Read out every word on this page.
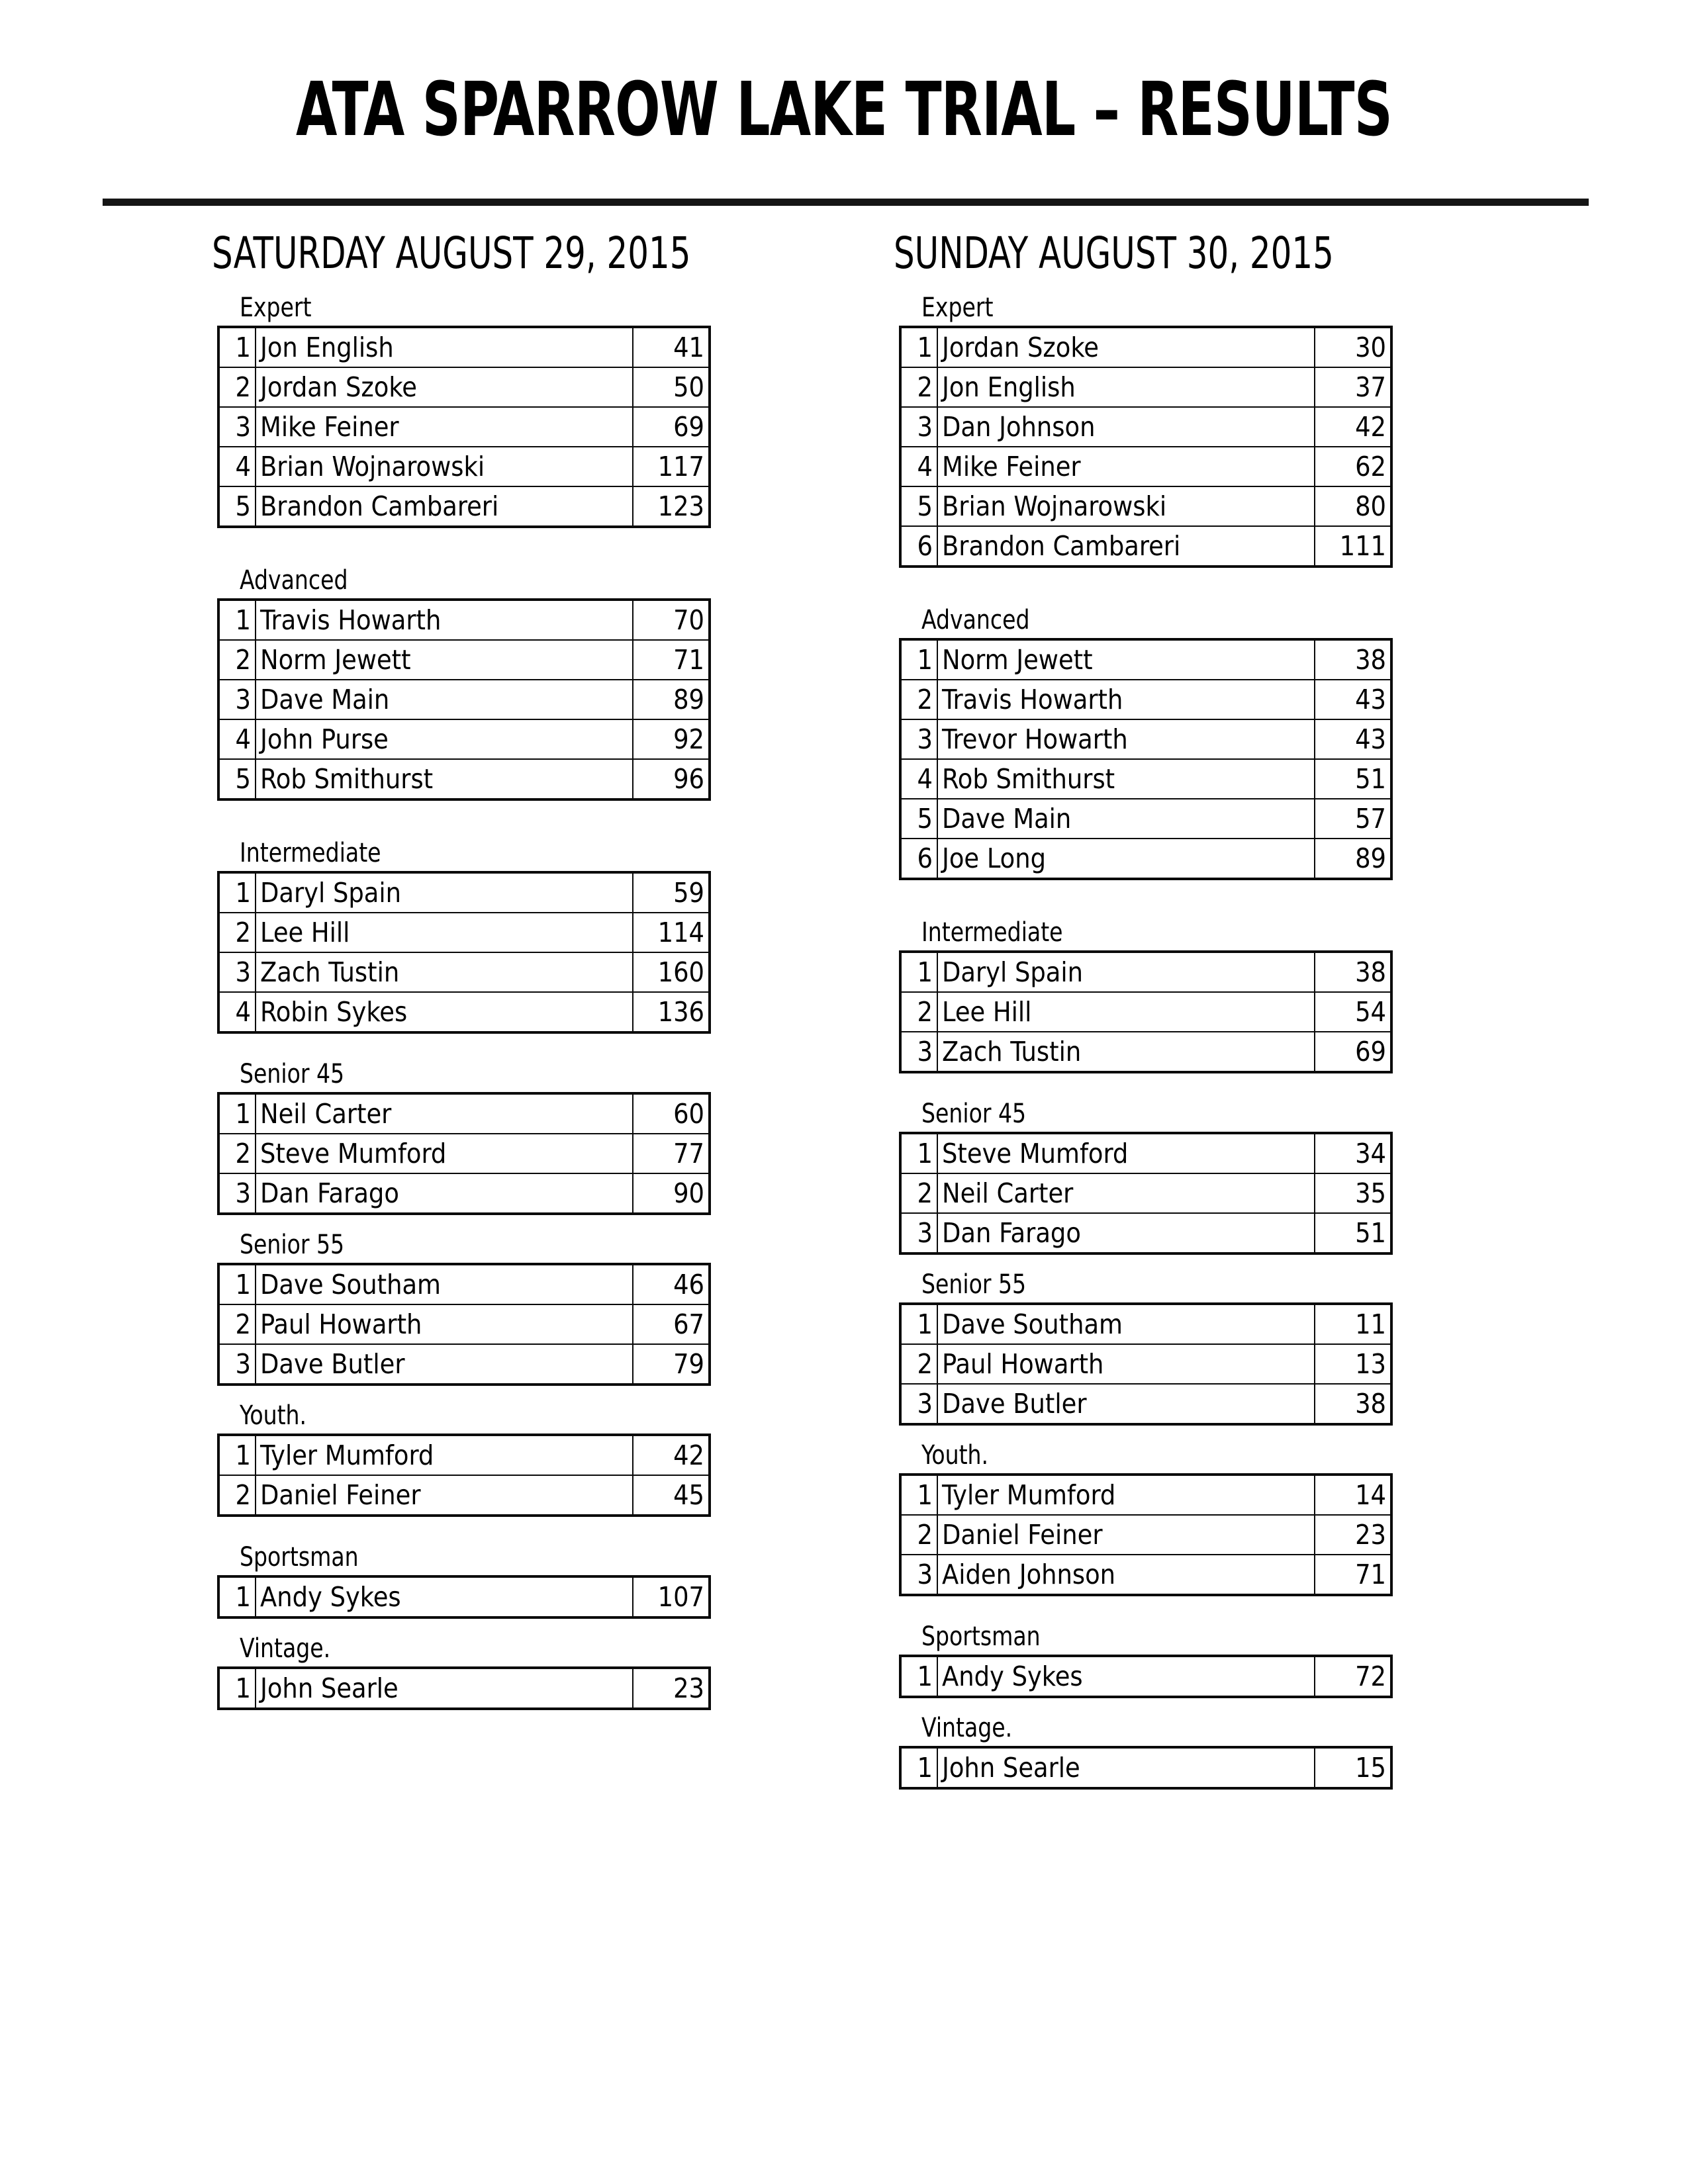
ATA SPARROW LAKE TRIAL – RESULTS
SATURDAY AUGUST 29, 2015
Expert
1	Jon English	41
2	Jordan Szoke	50
3	Mike Feiner	69
4	Brian Wojnarowski	117
5	Brandon Cambareri	123
Advanced
1	Travis Howarth	70
2	Norm Jewett	71
3	Dave Main	89
4	John Purse	92
5	Rob Smithurst	96
Intermediate
1	Daryl Spain	59
2	Lee Hill	114
3	Zach Tustin	160
4	Robin Sykes	136
Senior 45
1	Neil Carter	60
2	Steve Mumford	77
3	Dan Farago	90
Senior 55
1	Dave Southam	46
2	Paul Howarth	67
3	Dave Butler	79
Youth.
1	Tyler Mumford	42
2	Daniel Feiner	45
Sportsman
1	Andy Sykes	107
Vintage.
1	John Searle	23
SUNDAY AUGUST 30, 2015
Expert
1	Jordan Szoke	30
2	Jon English	37
3	Dan Johnson	42
4	Mike Feiner	62
5	Brian Wojnarowski	80
6	Brandon Cambareri	111
Advanced
1	Norm Jewett	38
2	Travis Howarth	43
3	Trevor Howarth	43
4	Rob Smithurst	51
5	Dave Main	57
6	Joe Long	89
Intermediate
1	Daryl Spain	38
2	Lee Hill	54
3	Zach Tustin	69
Senior 45
1	Steve Mumford	34
2	Neil Carter	35
3	Dan Farago	51
Senior 55
1	Dave Southam	11
2	Paul Howarth	13
3	Dave Butler	38
Youth.
1	Tyler Mumford	14
2	Daniel Feiner	23
3	Aiden Johnson	71
Sportsman
1	Andy Sykes	72
Vintage.
1	John Searle	15
